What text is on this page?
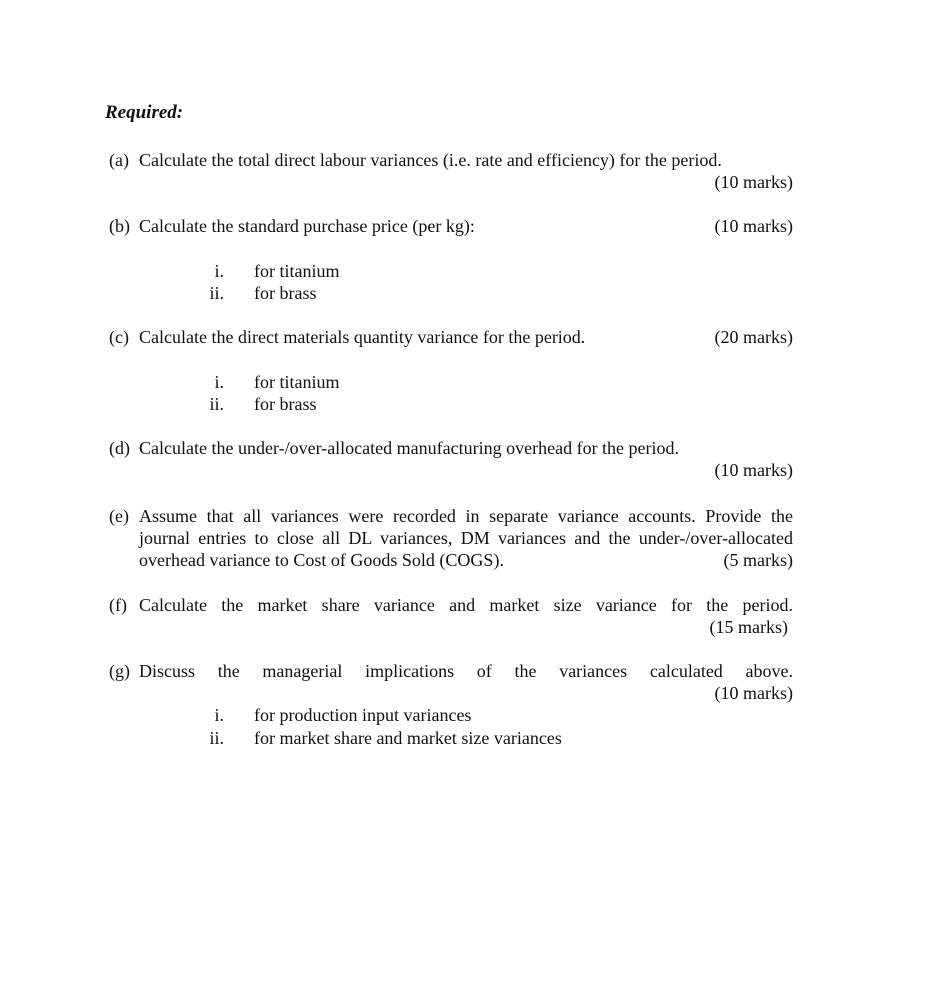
Required:
(a) Calculate the total direct labour variances (i.e. rate and efficiency) for the period.
(10 marks)
(b) Calculate the standard purchase price (per kg):	(10 marks)
i. for titanium
ii. for brass
(c) Calculate the direct materials quantity variance for the period.	(20 marks)
i. for titanium
ii. for brass
(d) Calculate the under-/over-allocated manufacturing overhead for the period.
(10 marks)
(e) Assume that all variances were recorded in separate variance accounts. Provide the
journal entries to close all DL variances, DM variances and the under-/over-allocated
overhead variance to Cost of Goods Sold (COGS).	(5 marks)
(f) Calculate the market share variance and market size variance for the period.
(15 marks)
(g) Discuss the managerial implications of the variances calculated above.
(10 marks)
i. for production input variances
ii. for market share and market size variances
